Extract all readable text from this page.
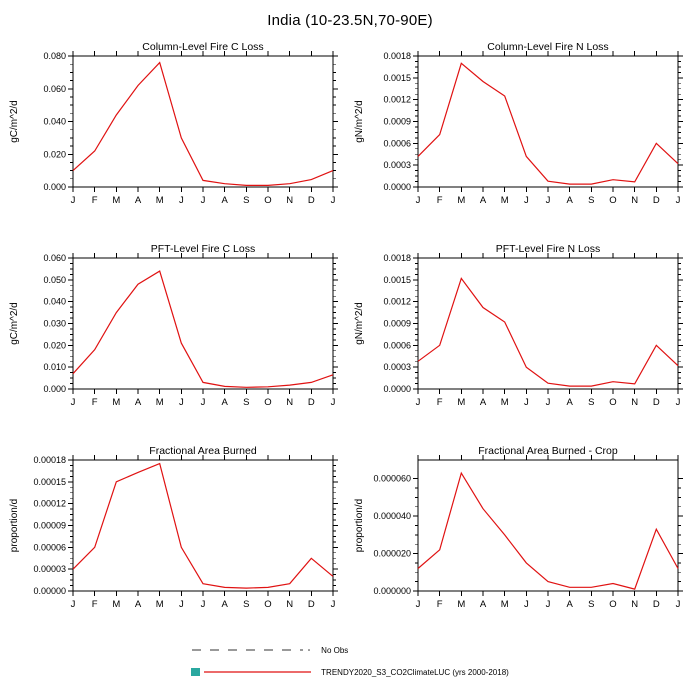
India (10-23.5N,70-90E)
Column-Level Fire C Loss
gC/m^2/d
0.000
0.020
0.040
0.060
0.080
J F M A M J J A S O N D J
Column-Level Fire N Loss
gN/m^2/d
0.0000
0.0003
0.0006
0.0009
0.0012
0.0015
0.0018
J F M A M J J A S O N D J
PFT-Level Fire C Loss
gC/m^2/d
0.000
0.010
0.020
0.030
0.040
0.050
0.060
J F M A M J J A S O N D J
PFT-Level Fire N Loss
gN/m^2/d
0.0000
0.0003
0.0006
0.0009
0.0012
0.0015
0.0018
J F M A M J J A S O N D J
Fractional Area Burned
proportion/d
0.00000
0.00003
0.00006
0.00009
0.00012
0.00015
0.00018
J F M A M J J A S O N D J
Fractional Area Burned - Crop
proportion/d
0.000000
0.000020
0.000040
0.000060
J F M A M J J A S O N D J
No Obs
TRENDY2020_S3_CO2ClimateLUC (yrs 2000-2018)
